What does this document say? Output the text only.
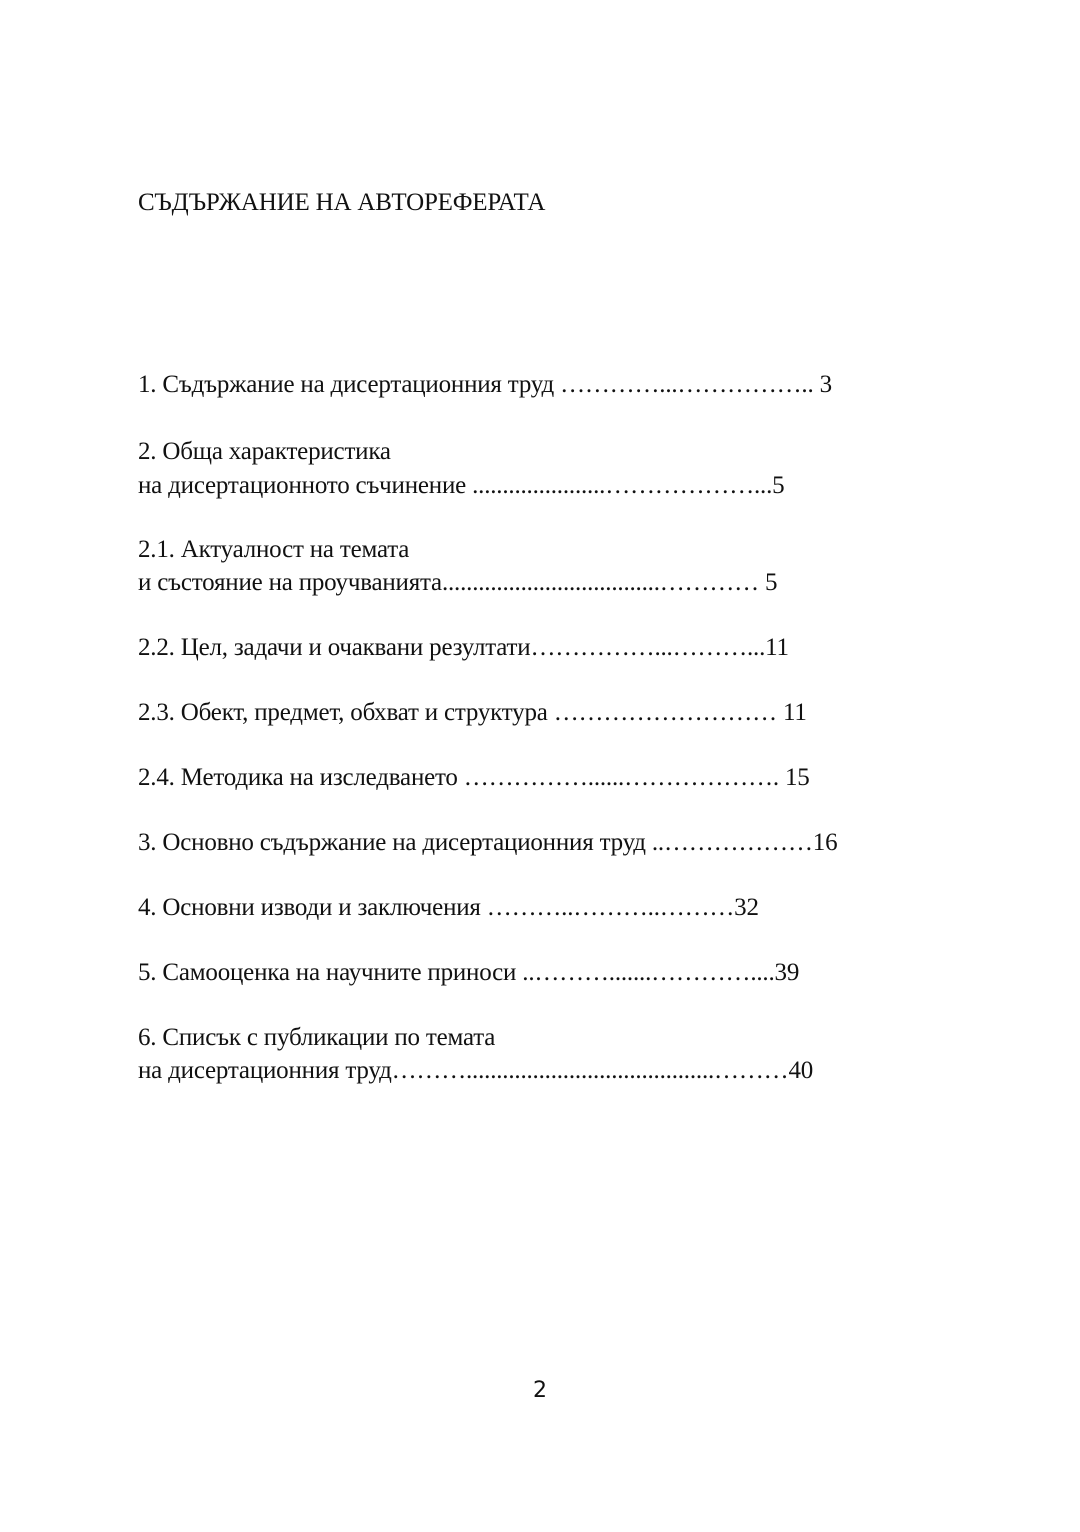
СЪДЪРЖАНИЕ НА АВТОРЕФЕРАТА
1. Съдържание на дисертационния труд …………...…………….. 3
2. Обща характеристика
на дисертационното съчинение ......................………………...5
2.1. Актуалност на темата
и състояние на проучванията....................................………… 5
2.2. Цел, задачи и очаквани резултати……………...………...11
2.3. Обект, предмет, обхват и структура ……………………… 11
2.4. Методика на изследването ……………......………………. 15
3. Основно съдържание на дисертационния труд ..………………16
4. Основни изводи и заключения ………..………..………32
5. Самооценка на научните приноси ..……….......…………....39
6. Списък с публикации по темата
на дисертационния труд……….........................................………40
2
